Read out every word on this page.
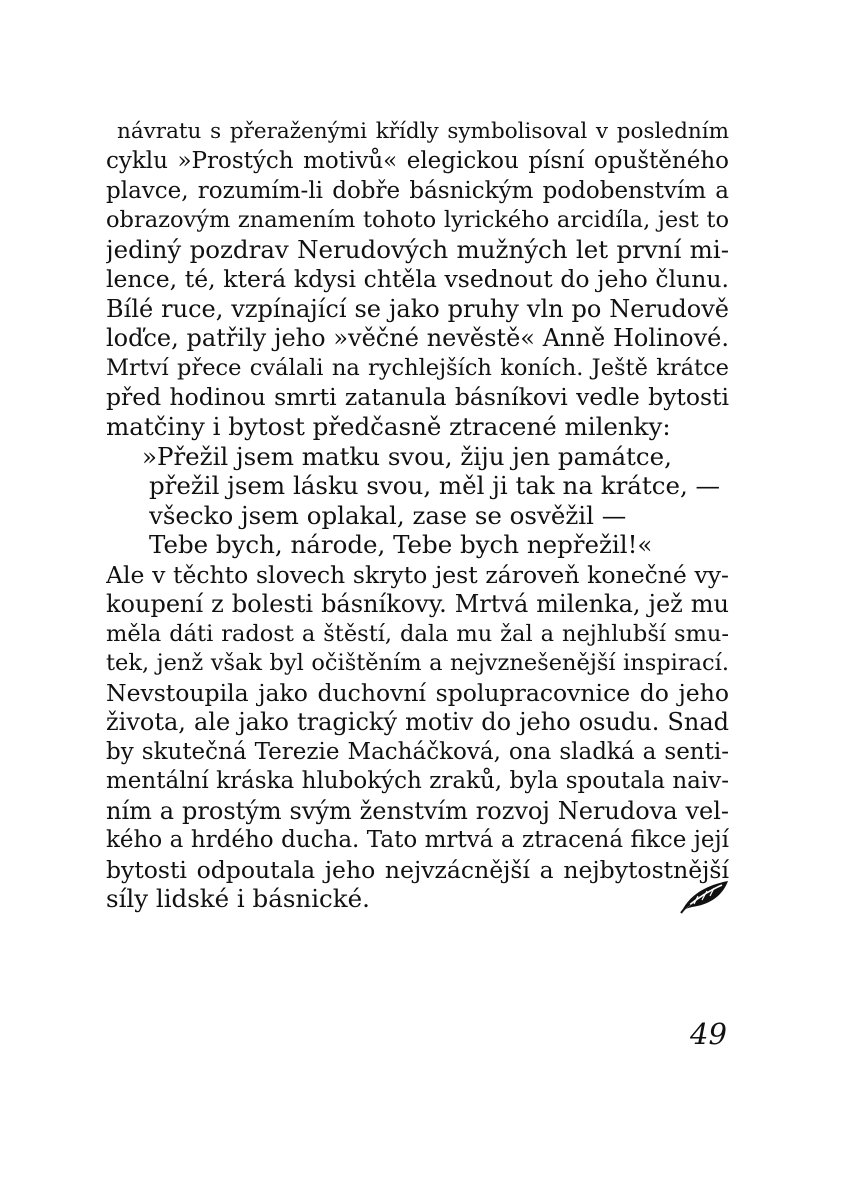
návratu s přeraženými křídly symbolisoval v posledním
cyklu »Prostých motivů« elegickou písní opuštěného
plavce, rozumím-li dobře básnickým podobenstvím a
obrazovým znamením tohoto lyrického arcidíla, jest to
jediný pozdrav Nerudových mužných let první mi-
lence, té, která kdysi chtěla vsednout do jeho člunu.
Bílé ruce, vzpínající se jako pruhy vln po Nerudově
loďce, patřily jeho »věčné nevěstě« Anně Holinové.
Mrtví přece cválali na rychlejších koních. Ještě krátce
před hodinou smrti zatanula básníkovi vedle bytosti
matčiny i bytost předčasně ztracené milenky:
»Přežil jsem matku svou, žiju jen památce,
přežil jsem lásku svou, měl ji tak na krátce, —
všecko jsem oplakal, zase se osvěžil —
Tebe bych, národe, Tebe bych nepřežil!«
Ale v těchto slovech skryto jest zároveň konečné vy-
koupení z bolesti básníkovy. Mrtvá milenka, jež mu
měla dáti radost a štěstí, dala mu žal a nejhlubší smu-
tek, jenž však byl očištěním a nejvznešenější inspirací.
Nevstoupila jako duchovní spolupracovnice do jeho
života, ale jako tragický motiv do jeho osudu. Snad
by skutečná Terezie Macháčková, ona sladká a senti-
mentální kráska hlubokých zraků, byla spoutala naiv-
ním a prostým svým ženstvím rozvoj Nerudova vel-
kého a hrdého ducha. Tato mrtvá a ztracená fikce její
bytosti odpoutala jeho nejvzácnější a nejbytostnější
síly lidské i básnické.
49
